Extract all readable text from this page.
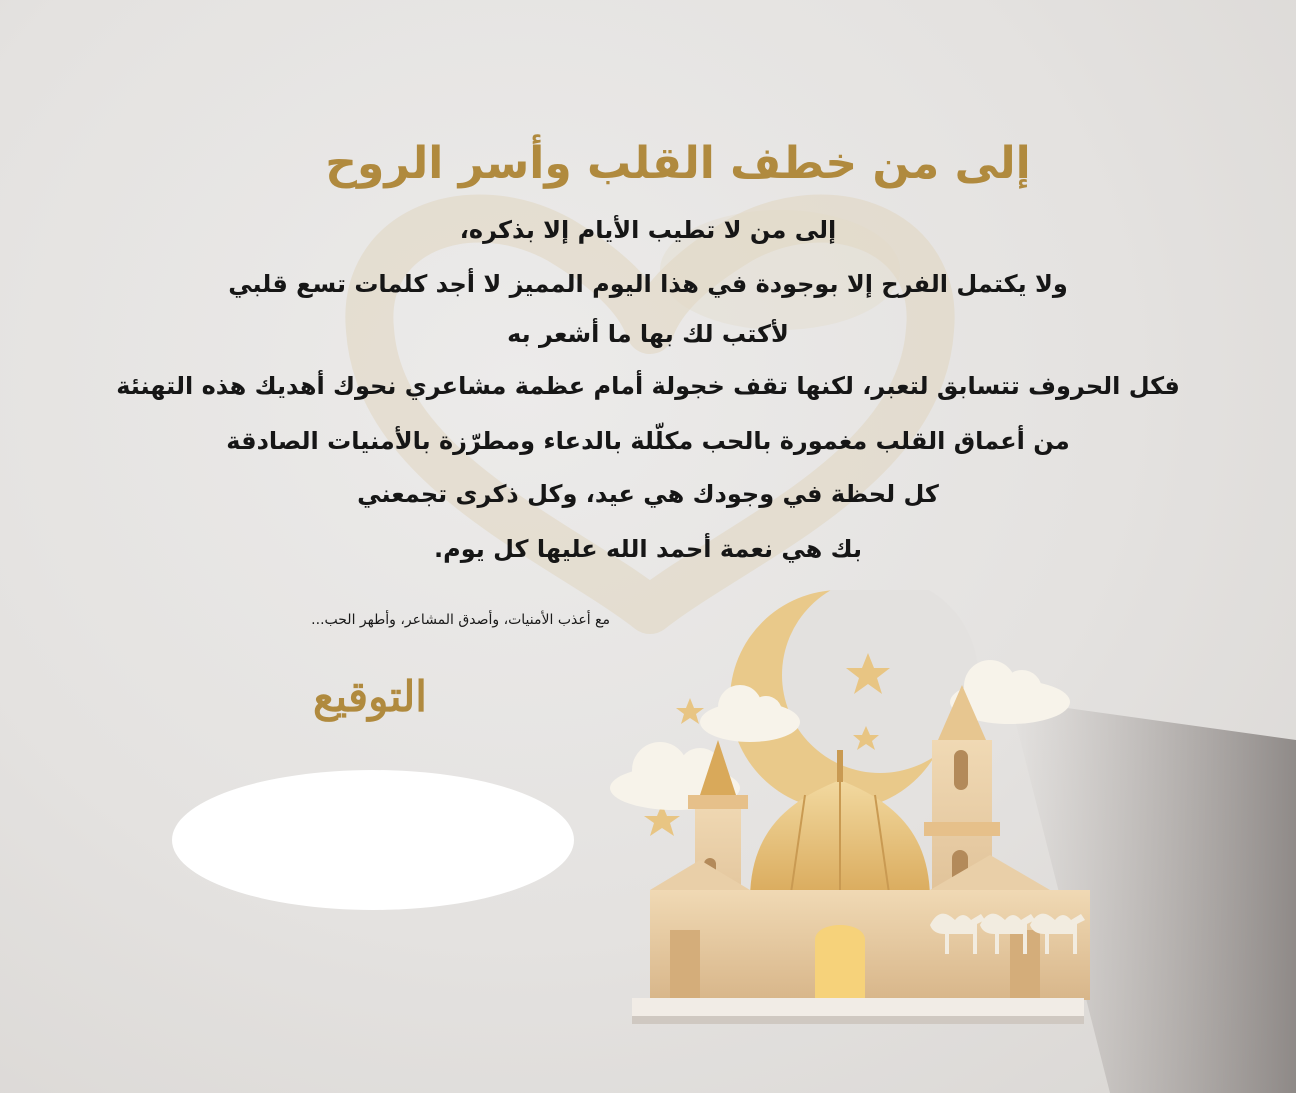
إلى من خطف القلب وأسر الروح

إلى من لا تطيب الأيام إلا بذكره،

ولا يكتمل الفرح إلا بوجودة في هذا اليوم المميز لا أجد كلمات تسع قلبي

لأكتب لك بها ما أشعر به

فكل الحروف تتسابق لتعبر، لكنها تقف خجولة أمام عظمة مشاعري نحوك أهديك هذه التهنئة

من أعماق القلب مغمورة بالحب مكلّلة بالدعاء ومطرّزة بالأمنيات الصادقة

كل لحظة في وجودك هي عيد، وكل ذكرى تجمعني

بك هي نعمة أحمد الله عليها كل يوم.

مع أعذب الأمنيات، وأصدق المشاعر، وأطهر الحب...

التوقيع
